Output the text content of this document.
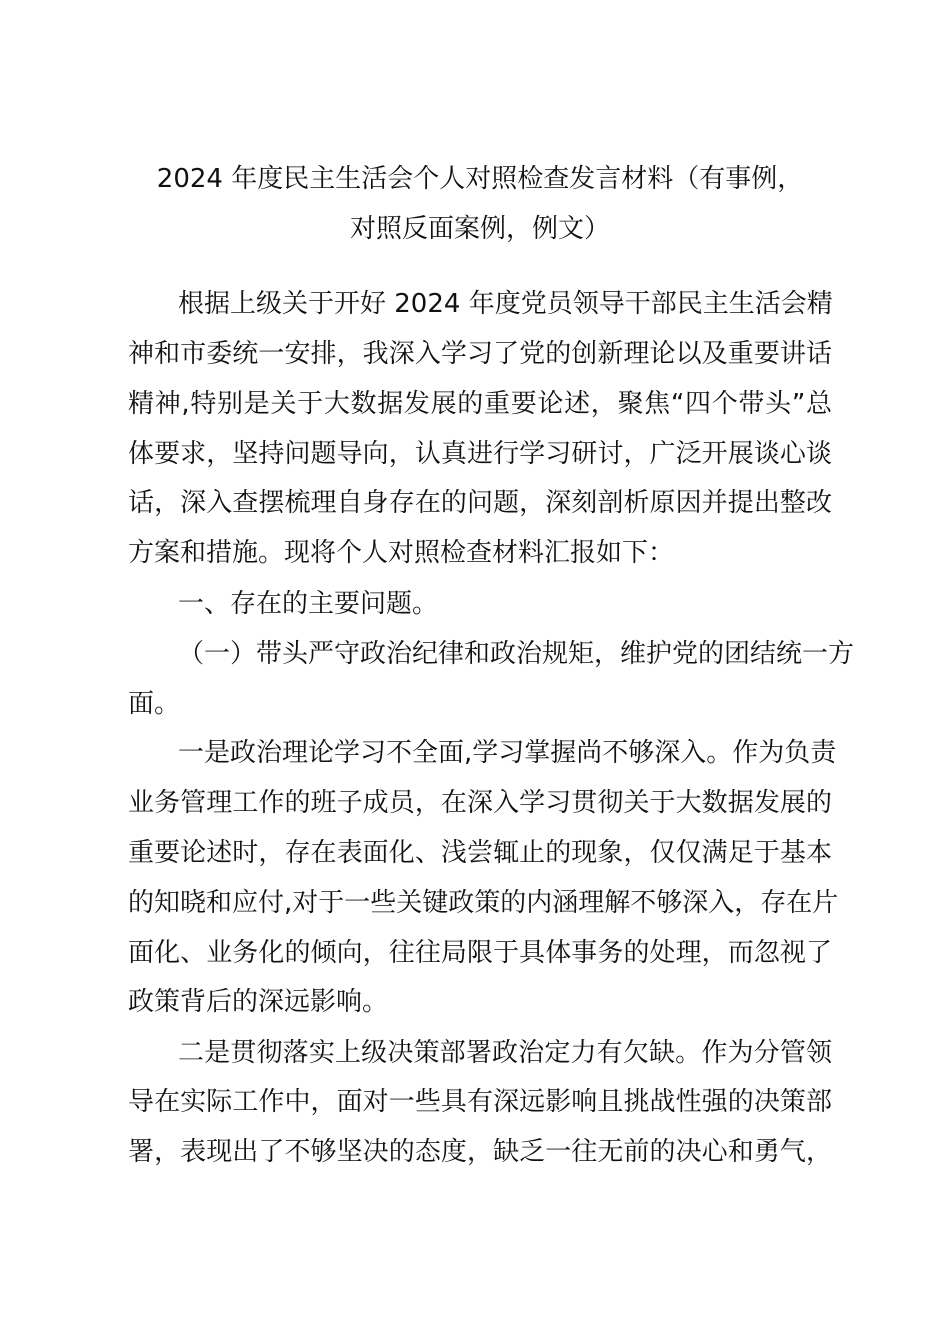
2024 年度民主生活会个人对照检查发言材料（有事例，
对照反面案例，例文）

根据上级关于开好 2024 年度党员领导干部民主生活会精

神和市委统一安排，我深入学习了党的创新理论以及重要讲话

精神,特别是关于大数据发展的重要论述，聚焦“四个带头”总

体要求，坚持问题导向，认真进行学习研讨，广泛开展谈心谈

话，深入查摆梳理自身存在的问题，深刻剖析原因并提出整改

方案和措施。现将个人对照检查材料汇报如下：

一、存在的主要问题。

（一）带头严守政治纪律和政治规矩，维护党的团结统一方

面。

一是政治理论学习不全面,学习掌握尚不够深入。作为负责

业务管理工作的班子成员，在深入学习贯彻关于大数据发展的

重要论述时，存在表面化、浅尝辄止的现象，仅仅满足于基本

的知晓和应付,对于一些关键政策的内涵理解不够深入，存在片

面化、业务化的倾向，往往局限于具体事务的处理，而忽视了

政策背后的深远影响。

二是贯彻落实上级决策部署政治定力有欠缺。作为分管领

导在实际工作中，面对一些具有深远影响且挑战性强的决策部

署，表现出了不够坚决的态度，缺乏一往无前的决心和勇气，
